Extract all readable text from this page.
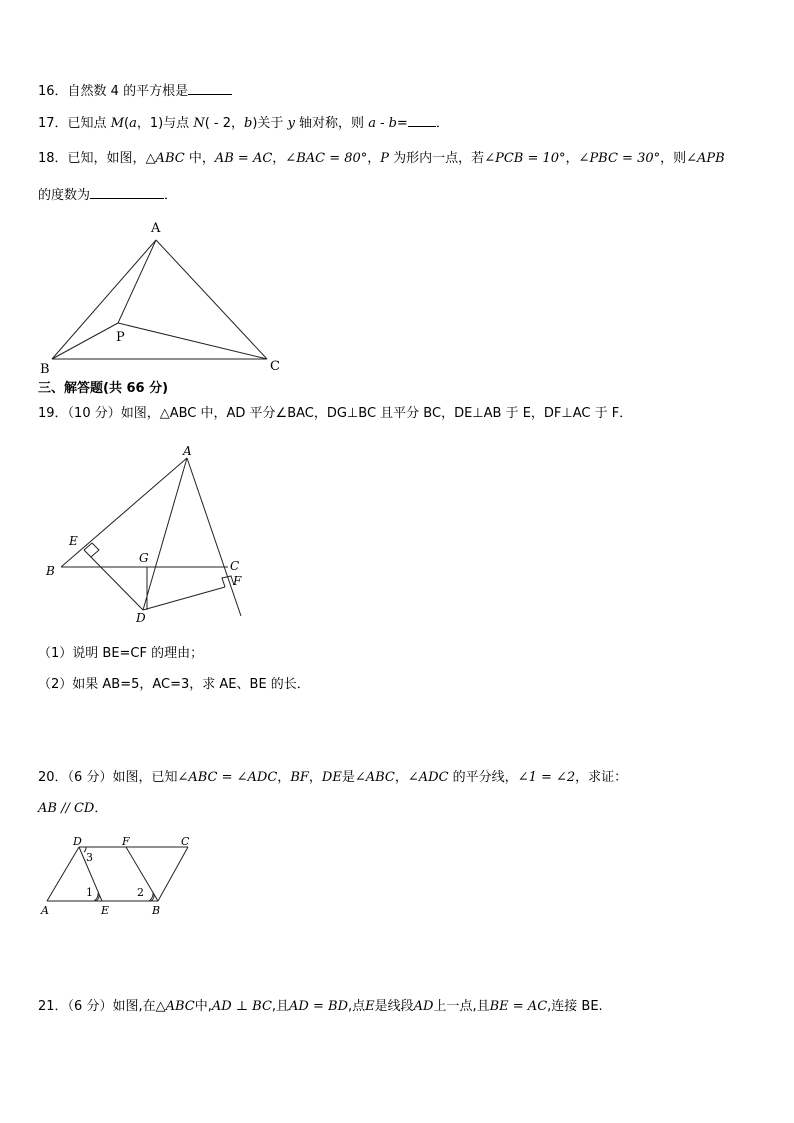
16．自然数 4 的平方根是
17．已知点 M(a，1)与点 N( - 2，b)关于 y 轴对称，则 a - b= ．
18．已知，如图，△ABC 中，AB = AC，∠BAC = 80°，P 为形内一点，若∠PCB = 10°，∠PBC = 30°，则∠APB
的度数为	．
A
B	C
P
三、解答题(共 66 分)
19．（10 分）如图，△ABC 中，AD 平分∠BAC，DG⊥BC 且平分 BC，DE⊥AB 于 E，DF⊥AC 于 F．
A
B	C
D
E
F
G
（1）说明 BE=CF 的理由；
（2）如果 AB=5，AC=3，求 AE、BE 的长．
20．（6 分）如图，已知∠ABC = ∠ADC，BF，DE是∠ABC，∠ADC 的平分线，∠1 = ∠2，求证：
AB // CD．
D	F	C
A	E	B
1	2
3
21．（6 分）如图,在△ABC中,AD ⊥ BC,且AD = BD,点E是线段AD上一点,且BE = AC,连接 BE.
